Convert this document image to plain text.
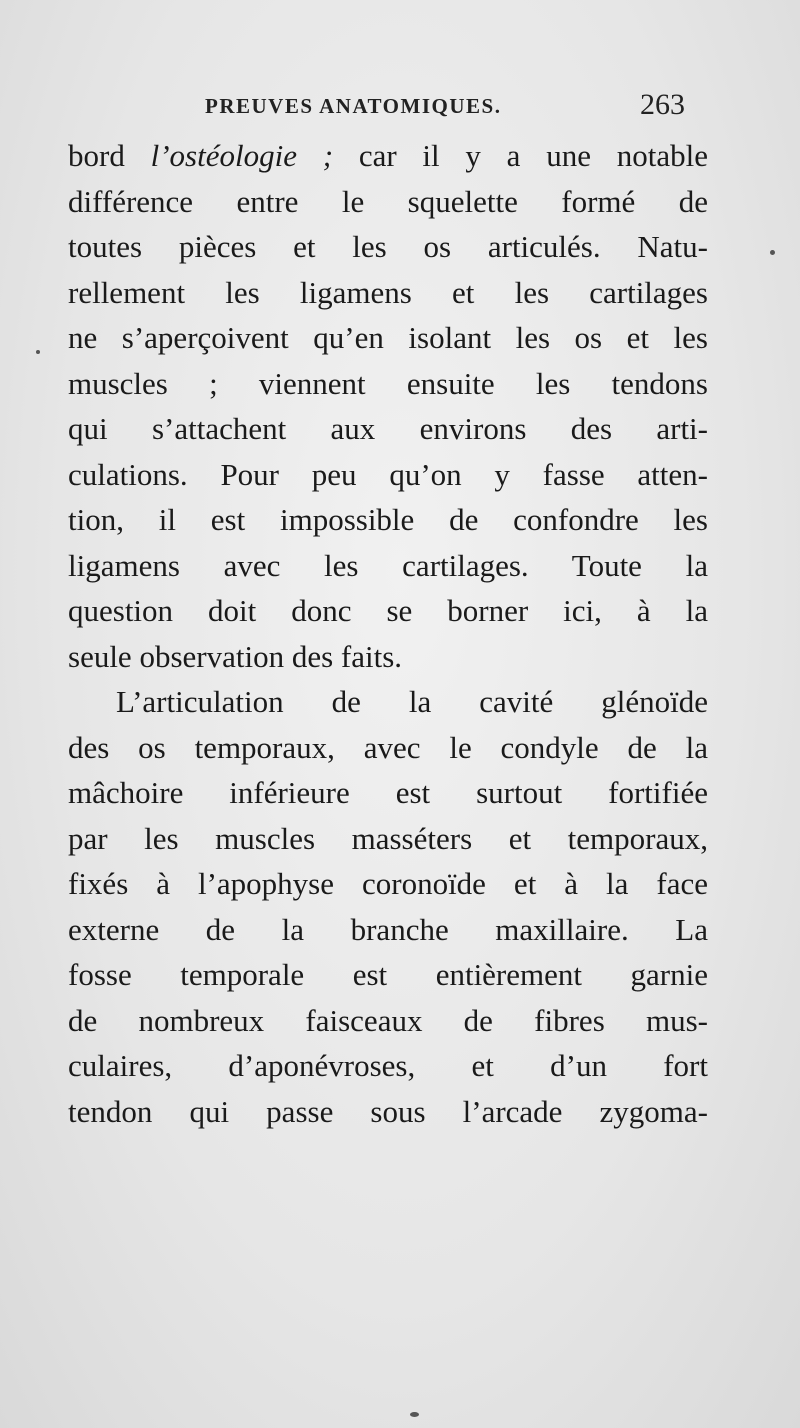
PREUVES ANATOMIQUES.	263
bord l’ostéologie ; car il y a une notable
différence entre le squelette formé de
toutes pièces et les os articulés. Natu-
rellement les ligamens et les cartilages
ne s’aperçoivent qu’en isolant les os et les
muscles ; viennent ensuite les tendons
qui s’attachent aux environs des arti-
culations. Pour peu qu’on y fasse atten-
tion, il est impossible de confondre les
ligamens avec les cartilages. Toute la
question doit donc se borner ici, à la
seule observation des faits.
L’articulation de la cavité glénoïde
des os temporaux, avec le condyle de la
mâchoire inférieure est surtout fortifiée
par les muscles masséters et temporaux,
fixés à l’apophyse coronoïde et à la face
externe de la branche maxillaire. La
fosse temporale est entièrement garnie
de nombreux faisceaux de fibres mus-
culaires, d’aponévroses, et d’un fort
tendon qui passe sous l’arcade zygoma-
